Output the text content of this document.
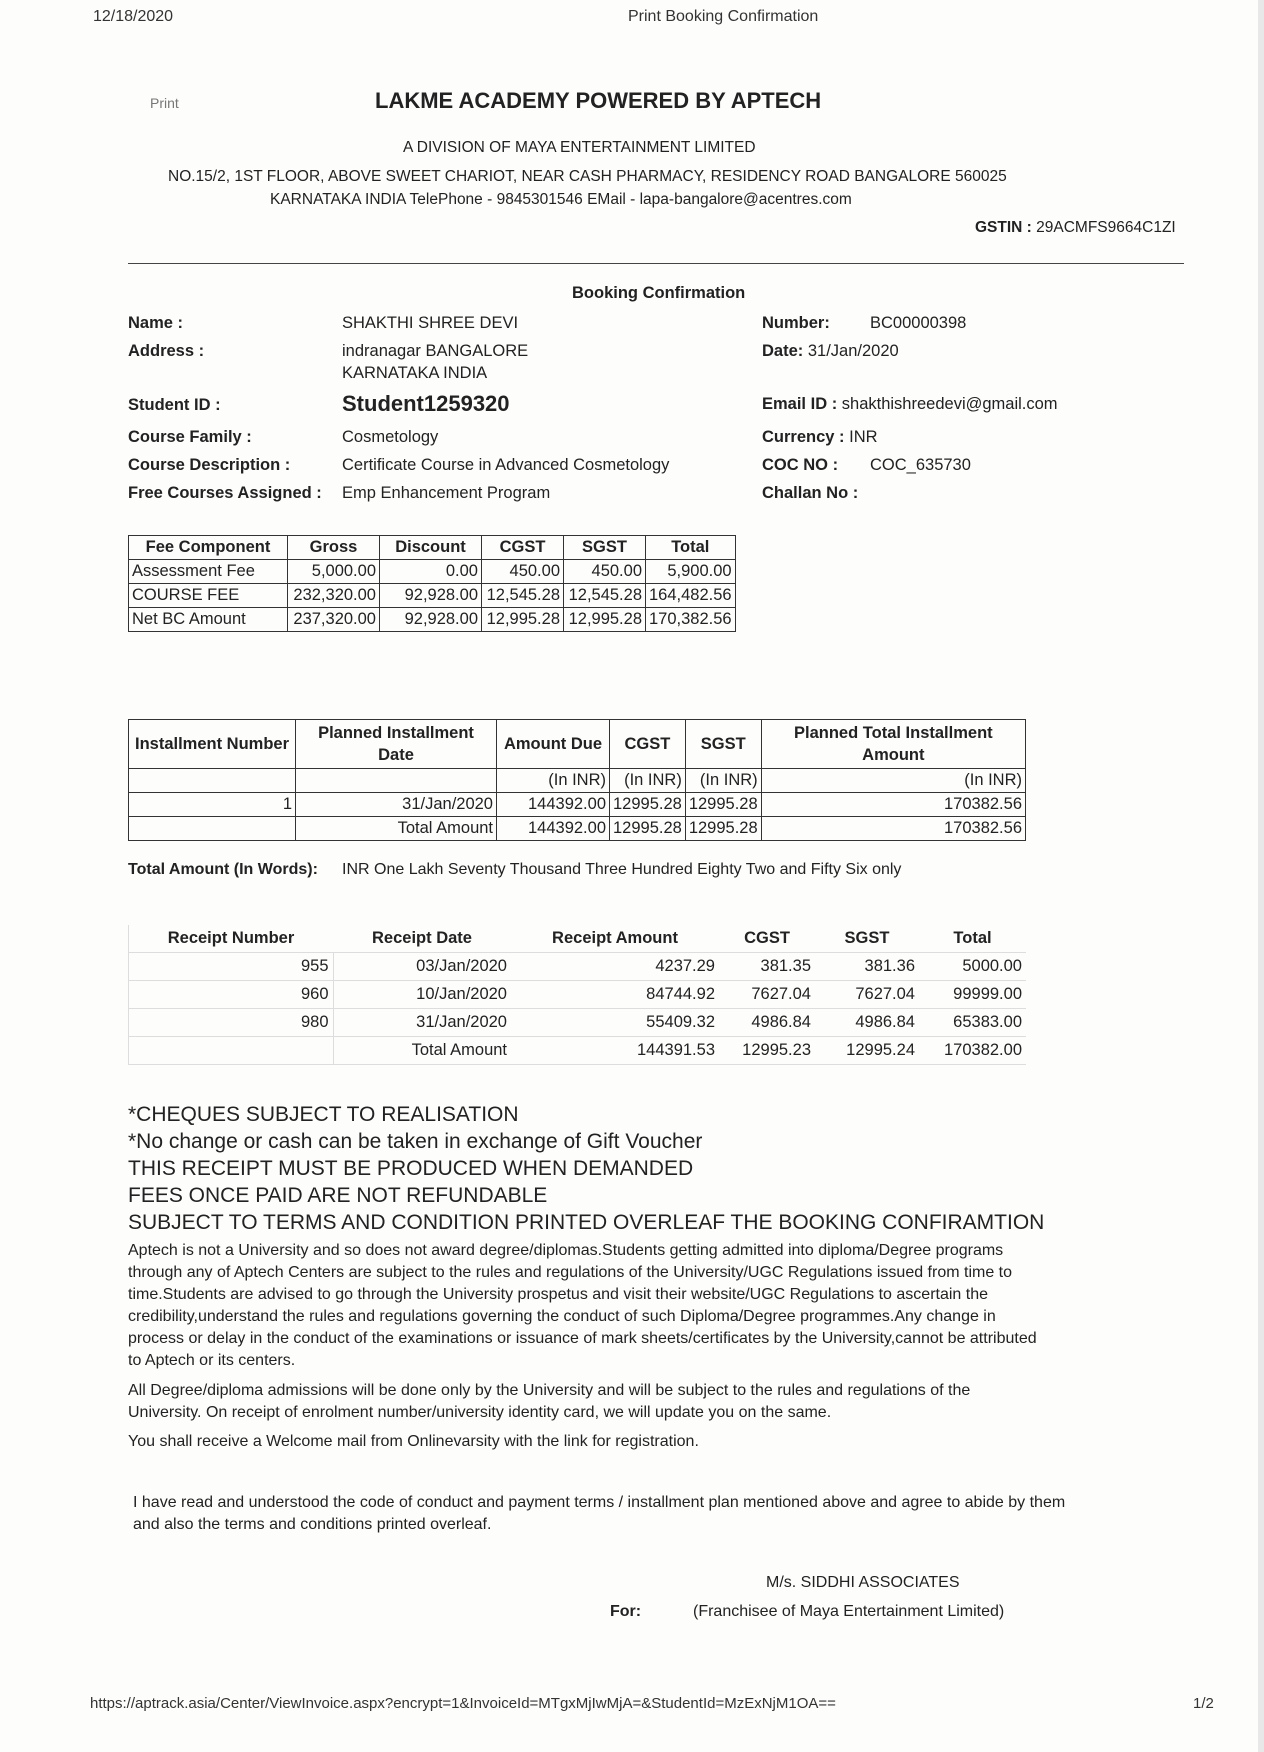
12/18/2020	Print Booking Confirmation
Print	LAKME ACADEMY POWERED BY APTECH
A DIVISION OF MAYA ENTERTAINMENT LIMITED
NO.15/2, 1ST FLOOR, ABOVE SWEET CHARIOT, NEAR CASH PHARMACY, RESIDENCY ROAD BANGALORE 560025
KARNATAKA INDIA TelePhone - 9845301546 EMail - lapa-bangalore@acentres.com
GSTIN : 29ACMFS9664C1ZI
Booking Confirmation
Name :	SHAKTHI SHREE DEVI
Address :	indranagar BANGALORE
KARNATAKA INDIA
Student ID :	Student1259320
Course Family :	Cosmetology
Course Description :	Certificate Course in Advanced Cosmetology
Free Courses Assigned : Emp Enhancement Program
Number: BC00000398
Date: 31/Jan/2020
Email ID : shakthishreedevi@gmail.com
Currency : INR
COC NO : COC_635730
Challan No :
Fee Component	Gross	Discount	CGST	SGST	Total
Assessment Fee	5,000.00	0.00	450.00	450.00	5,900.00
COURSE FEE	232,320.00	92,928.00	12,545.28	12,545.28	164,482.56
Net BC Amount	237,320.00	92,928.00	12,995.28	12,995.28	170,382.56
Installment Number	Planned Installment Date	Amount Due	CGST	SGST	Planned Total Installment Amount
		(In INR)	(In INR)	(In INR)	(In INR)
1	31/Jan/2020	144392.00	12995.28	12995.28	170382.56
	Total Amount	144392.00	12995.28	12995.28	170382.56
Total Amount (In Words): INR One Lakh Seventy Thousand Three Hundred Eighty Two and Fifty Six only
Receipt Number	Receipt Date	Receipt Amount	CGST	SGST	Total
955	03/Jan/2020	4237.29	381.35	381.36	5000.00
960	10/Jan/2020	84744.92	7627.04	7627.04	99999.00
980	31/Jan/2020	55409.32	4986.84	4986.84	65383.00
	Total Amount	144391.53	12995.23	12995.24	170382.00
*CHEQUES SUBJECT TO REALISATION
*No change or cash can be taken in exchange of Gift Voucher
THIS RECEIPT MUST BE PRODUCED WHEN DEMANDED
FEES ONCE PAID ARE NOT REFUNDABLE
SUBJECT TO TERMS AND CONDITION PRINTED OVERLEAF THE BOOKING CONFIRAMTION
Aptech is not a University and so does not award degree/diplomas.Students getting admitted into diploma/Degree programs through any of Aptech Centers are subject to the rules and regulations of the University/UGC Regulations issued from time to time.Students are advised to go through the University prospetus and visit their website/UGC Regulations to ascertain the credibility,understand the rules and regulations governing the conduct of such Diploma/Degree programmes.Any change in process or delay in the conduct of the examinations or issuance of mark sheets/certificates by the University,cannot be attributed to Aptech or its centers.
All Degree/diploma admissions will be done only by the University and will be subject to the rules and regulations of the University. On receipt of enrolment number/university identity card, we will update you on the same.
You shall receive a Welcome mail from Onlinevarsity with the link for registration.
I have read and understood the code of conduct and payment terms / installment plan mentioned above and agree to abide by them and also the terms and conditions printed overleaf.
M/s. SIDDHI ASSOCIATES
For:	(Franchisee of Maya Entertainment Limited)
https://aptrack.asia/Center/ViewInvoice.aspx?encrypt=1&InvoiceId=MTgxMjIwMjA=&StudentId=MzExNjM1OA==	1/2
